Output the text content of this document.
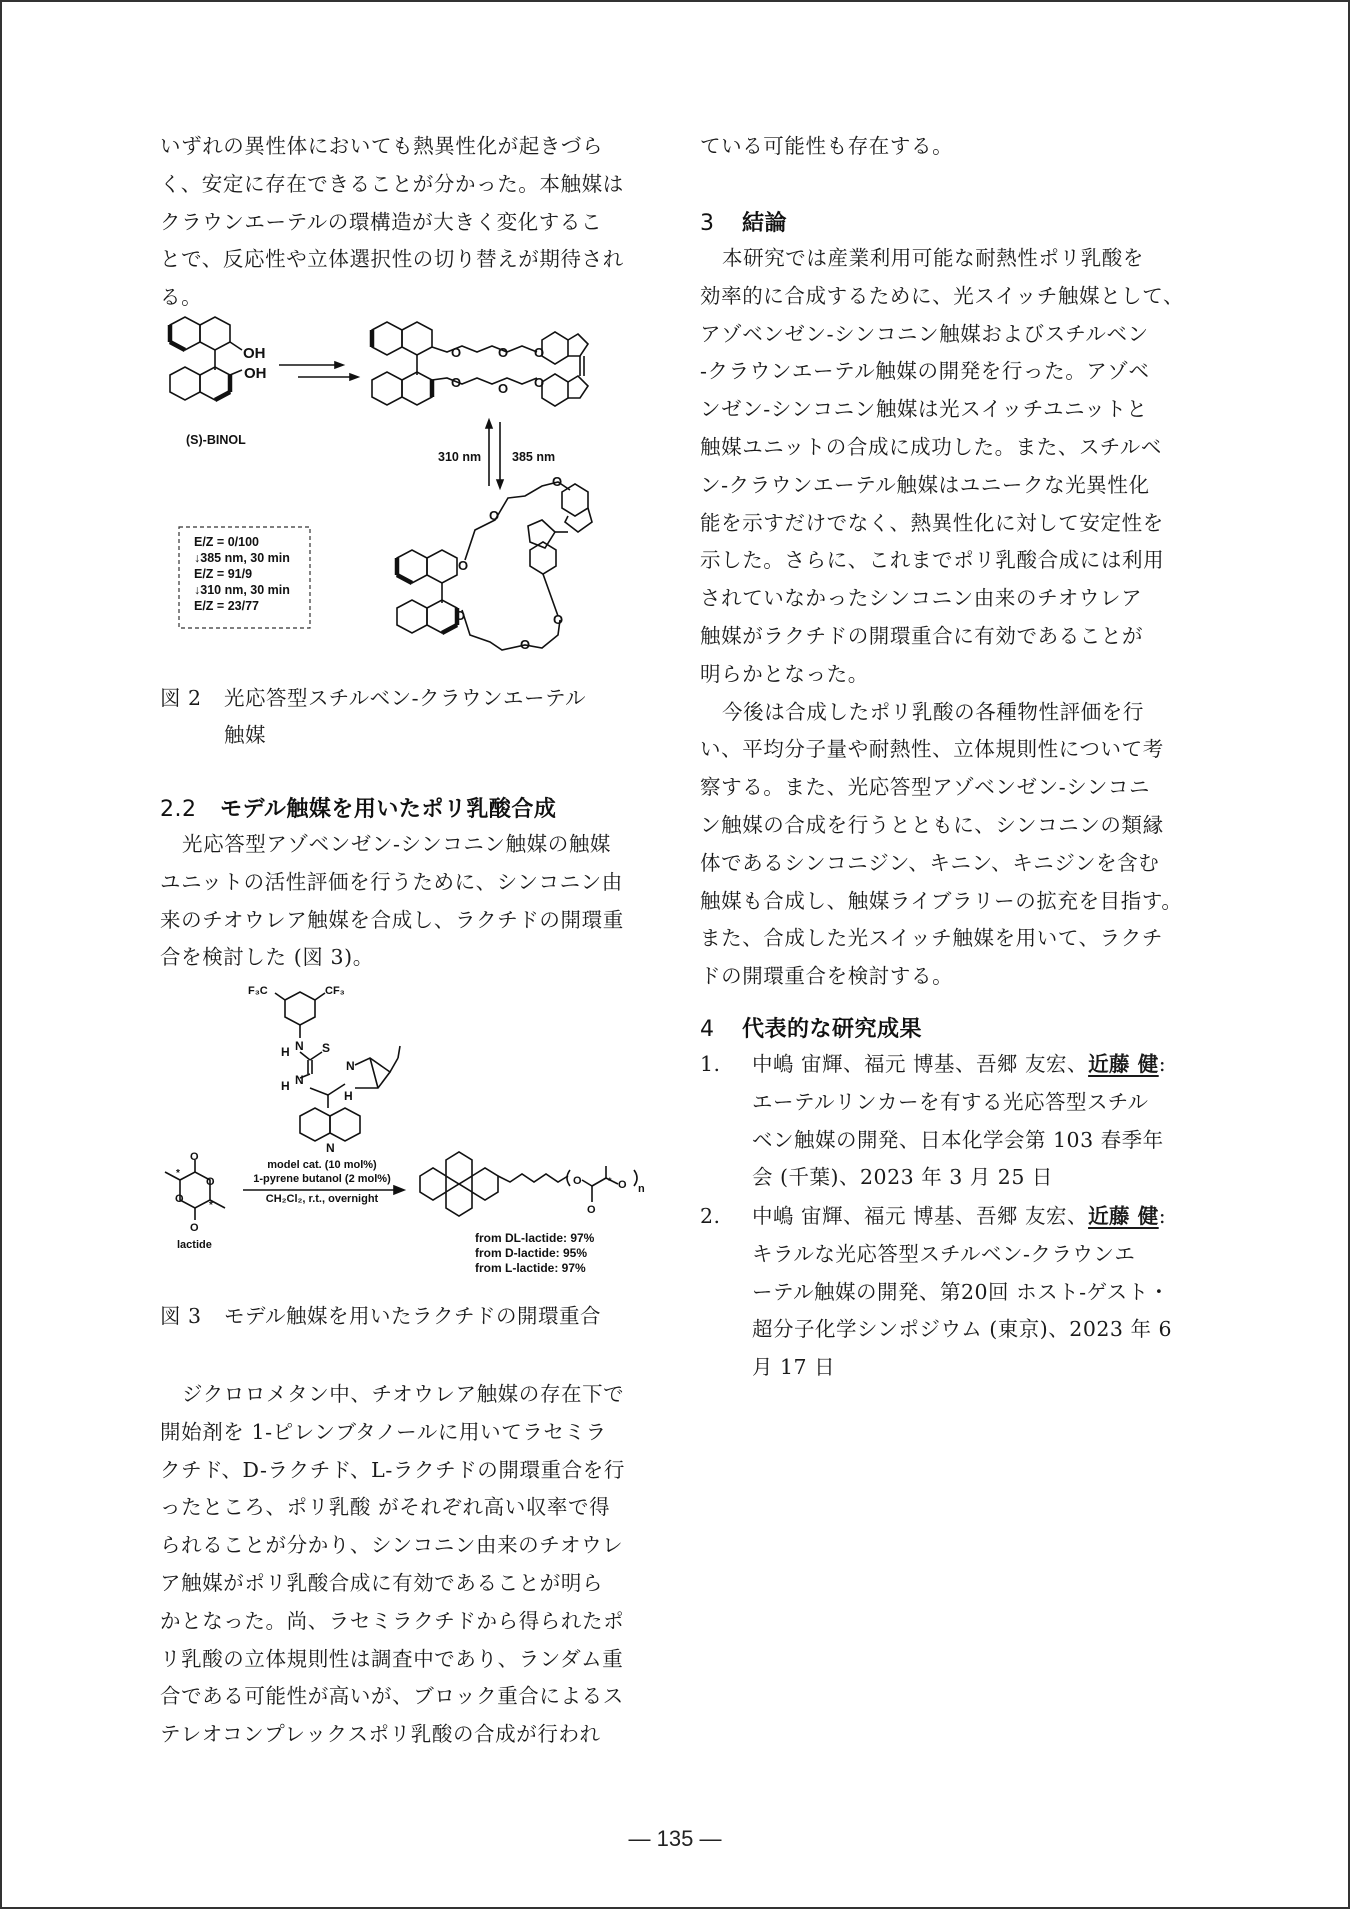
いずれの異性体においても熱異性化が起きづら
く、安定に存在できることが分かった。本触媒は
クラウンエーテルの環構造が大きく変化するこ
とで、反応性や立体選択性の切り替えが期待され
る。
OH
OH
(S)-BINOL
O	O O
O	O O
310 nm 385 nm
E/Z = 0/100
↓385 nm, 30 min
E/Z = 91/9
↓310 nm, 30 min
E/Z = 23/77
O
O
O
O
O
O
図 2 光応答型スチルベン-クラウンエーテル
触媒
2.2 モデル触媒を用いたポリ乳酸合成
光応答型アゾベンゼン-シンコニン触媒の触媒
ユニットの活性評価を行うために、シンコニン由
来のチオウレア触媒を合成し、ラクチドの開環重
合を検討した (図 3)。
F₃C	CF₃
N
H	S
N
H
N
H
N
O
O
O
O
*
*
lactide
model cat. (10 mol%)
1-pyrene butanol (2 mol%)
CH₂Cl₂, r.t., overnight
O
O
O
*
n
from DL-lactide: 97%
from D-lactide: 95%
from L-lactide: 97%
図 3 モデル触媒を用いたラクチドの開環重合
ジクロロメタン中、チオウレア触媒の存在下で
開始剤を 1-ピレンブタノールに用いてラセミラ
クチド、D-ラクチド、L-ラクチドの開環重合を行
ったところ、ポリ乳酸 がそれぞれ高い収率で得
られることが分かり、シンコニン由来のチオウレ
ア触媒がポリ乳酸合成に有効であることが明ら
かとなった。尚、ラセミラクチドから得られたポ
リ乳酸の立体規則性は調査中であり、ランダム重
合である可能性が高いが、ブロック重合によるス
テレオコンプレックスポリ乳酸の合成が行われ
ている可能性も存在する。
3 結論
本研究では産業利用可能な耐熱性ポリ乳酸を
効率的に合成するために、光スイッチ触媒として、
アゾベンゼン-シンコニン触媒およびスチルベン
-クラウンエーテル触媒の開発を行った。アゾベ
ンゼン-シンコニン触媒は光スイッチユニットと
触媒ユニットの合成に成功した。また、スチルベ
ン-クラウンエーテル触媒はユニークな光異性化
能を示すだけでなく、熱異性化に対して安定性を
示した。さらに、これまでポリ乳酸合成には利用
されていなかったシンコニン由来のチオウレア
触媒がラクチドの開環重合に有効であることが
明らかとなった。
今後は合成したポリ乳酸の各種物性評価を行
い、平均分子量や耐熱性、立体規則性について考
察する。また、光応答型アゾベンゼン-シンコニ
ン触媒の合成を行うとともに、シンコニンの類縁
体であるシンコニジン、キニン、キニジンを含む
触媒も合成し、触媒ライブラリーの拡充を目指す。
また、合成した光スイッチ触媒を用いて、ラクチ
ドの開環重合を検討する。
4 代表的な研究成果
1. 中嶋 宙輝、福元 博基、吾郷 友宏、近藤 健:
エーテルリンカーを有する光応答型スチル
ベン触媒の開発、日本化学会第 103 春季年
会 (千葉)、2023 年 3 月 25 日
2. 中嶋 宙輝、福元 博基、吾郷 友宏、近藤 健:
キラルな光応答型スチルベン-クラウンエ
ーテル触媒の開発、第20回 ホスト-ゲスト・
超分子化学シンポジウム (東京)、2023 年 6
月 17 日
— 135 —
